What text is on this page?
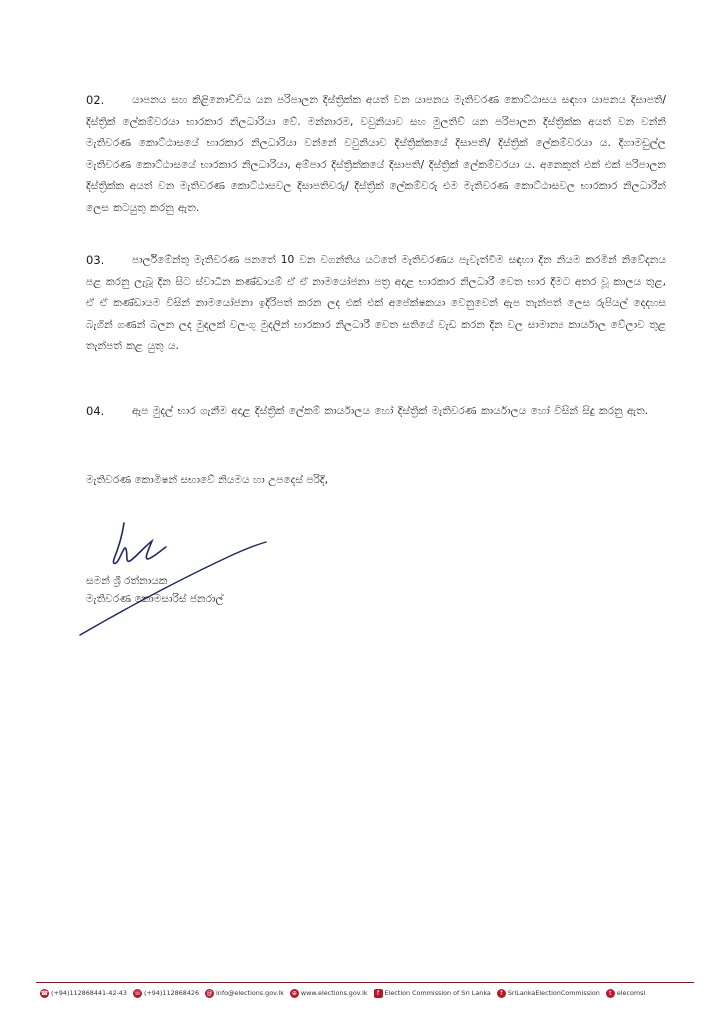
02.	යාපනය සහ කිළිනොච්චිය යන පරිපාලන දිස්ත්‍රික්ක අයත් වන යාපනය මැතිවරණ කොට්ඨාසය සඳහා යාපනය දිසාපති/ දිස්ත්‍රික් ලේකම්වරයා භාරකාර නිලධාරියා වේ. මන්නාරම, වවුනියාව සහ මුලතිව් යන පරිපාලන දිස්ත්‍රික්ක අයත් වන වන්නි මැතිවරණ කොට්ඨාසයේ භාරකාර නිලධාරියා වන්නේ වවුනියාව දිස්ත්‍රික්කයේ දිසාපති/ දිස්ත්‍රික් ලේකම්වරයා ය. දිගාමඩුල්ල මැතිවරණ කොට්ඨාසයේ භාරකාර නිලධාරියා, අම්පාර දිස්ත්‍රික්කයේ දිසාපති/ දිස්ත්‍රික් ලේකම්වරයා ය. අනෙකුත් එක් එක් පරිපාලන දිස්ත්‍රික්ක අයත් වන මැතිවරණ කොට්ඨාසවල දිසාපතිවරු/ දිස්ත්‍රික් ලේකම්වරු එම මැතිවරණ කොට්ඨාසවල භාරකාර නිලධාරීන් ලෙස කටයුතු කරනු ඇත.
03.	පාර්ලිමේන්තු මැතිවරණ පනතේ 10 වන වගන්තිය යටතේ මැතිවරණය පැවැත්වීම සඳහා දින නියම කරමින් නිවේදනය පළ කරනු ලැබූ දින සිට ස්වාධීන කණ්ඩායම් ඒ ඒ නාමයෝජනා පත්‍ර අදාළ භාරකාර නිලධාරී වෙත භාර දීමට අතර වූ කාලය තුළ, ඒ ඒ කණ්ඩායම විසින් නාමයෝජනා ඉදිරිපත් කරන ලද එක් එක් අපේක්ෂකයා වෙනුවෙන් ඇප තැන්පත් ලෙස රුපියල් දෙදහස බැගින් ගණන් බලන ලද මුදලක් වලංගු මුදලින් භාරකාර නිලධාරී වෙත සතියේ වැඩ කරන දින වල සාමාන්‍ය කාර්යාල වේලාව තුළ තැන්පත් කළ යුතු ය.
04.	ඇප මුදල් භාර ගැනීම අදාළ දිස්ත්‍රික් ලේකම් කාර්යාලය හෝ දිස්ත්‍රික් මැතිවරණ කාර්යාලය හෝ විසින් සිදු කරනු ඇත.
මැතිවරණ කොමිෂන් සභාවේ නියමය හා උපදෙස් පරිදි,
සමන් ශ්‍රී රත්නායක
මැතිවරණ කොමසාරිස් ජනරාල්
☎ (+94)112868441-42-43 ☏ (+94)112868426 @ info@elections.gov.lk	⊕ www.elections.gov.lk	f Election Commission of Sri Lanka	f SriLankaElectionCommission	t elecomsl
